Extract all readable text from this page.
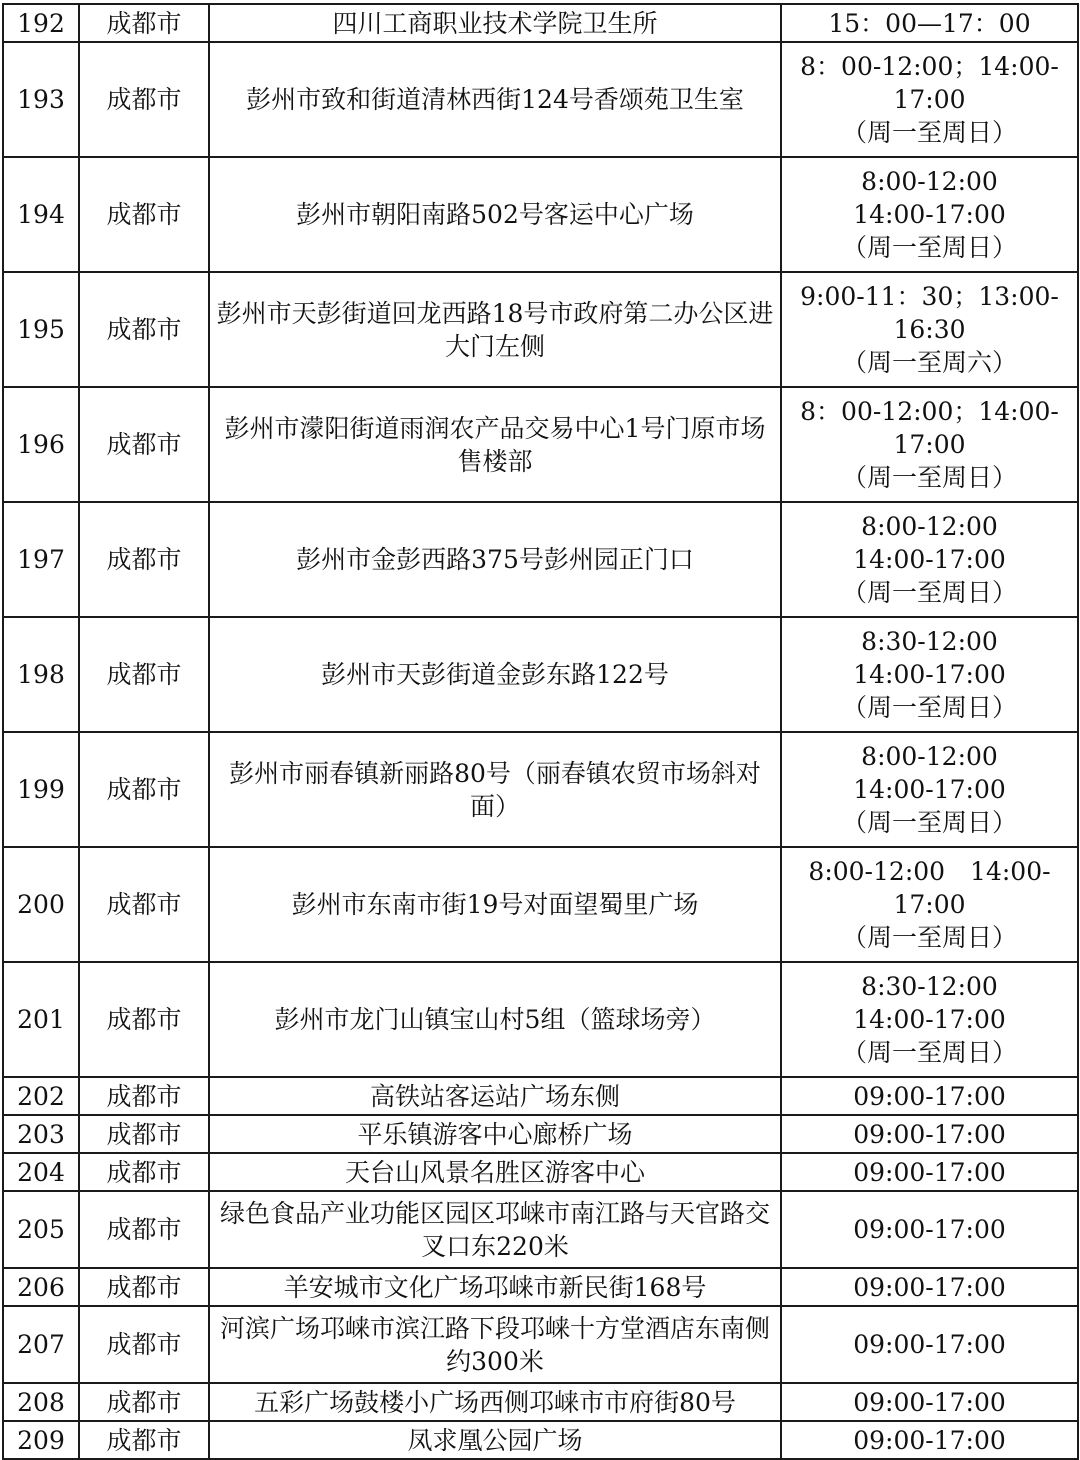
192	成都市	四川工商职业技术学院卫生所	15：00—17：00

193	成都市	彭州市致和街道清林西街124号香颂苑卫生室	8：00-12:00；14:00-
17:00
（周一至周日）

194	成都市	彭州市朝阳南路502号客运中心广场	8:00-12:00
14:00-17:00
（周一至周日）

195	成都市	彭州市天彭街道回龙西路18号市政府第二办公区进大门左侧	9:00-11：30；13:00-
16:30
（周一至周六）

196	成都市	彭州市濛阳街道雨润农产品交易中心1号门原市场售楼部	8：00-12:00；14:00-
17:00
（周一至周日）

197	成都市	彭州市金彭西路375号彭州园正门口	8:00-12:00
14:00-17:00
（周一至周日）

198	成都市	彭州市天彭街道金彭东路122号	8:30-12:00
14:00-17:00
（周一至周日）

199	成都市	彭州市丽春镇新丽路80号（丽春镇农贸市场斜对面）	8:00-12:00
14:00-17:00
（周一至周日）

200	成都市	彭州市东南市街19号对面望蜀里广场	8:00-12:00　14:00-
17:00
（周一至周日）

201	成都市	彭州市龙门山镇宝山村5组（篮球场旁）	8:30-12:00
14:00-17:00
（周一至周日）

202	成都市	高铁站客运站广场东侧	09:00-17:00

203	成都市	平乐镇游客中心廊桥广场	09:00-17:00

204	成都市	天台山风景名胜区游客中心	09:00-17:00

205	成都市	绿色食品产业功能区园区邛崃市南江路与天官路交叉口东220米	09:00-17:00

206	成都市	羊安城市文化广场邛崃市新民街168号	09:00-17:00

207	成都市	河滨广场邛崃市滨江路下段邛崃十方堂酒店东南侧约300米	09:00-17:00

208	成都市	五彩广场鼓楼小广场西侧邛崃市市府街80号	09:00-17:00

209	成都市	凤求凰公园广场	09:00-17:00
